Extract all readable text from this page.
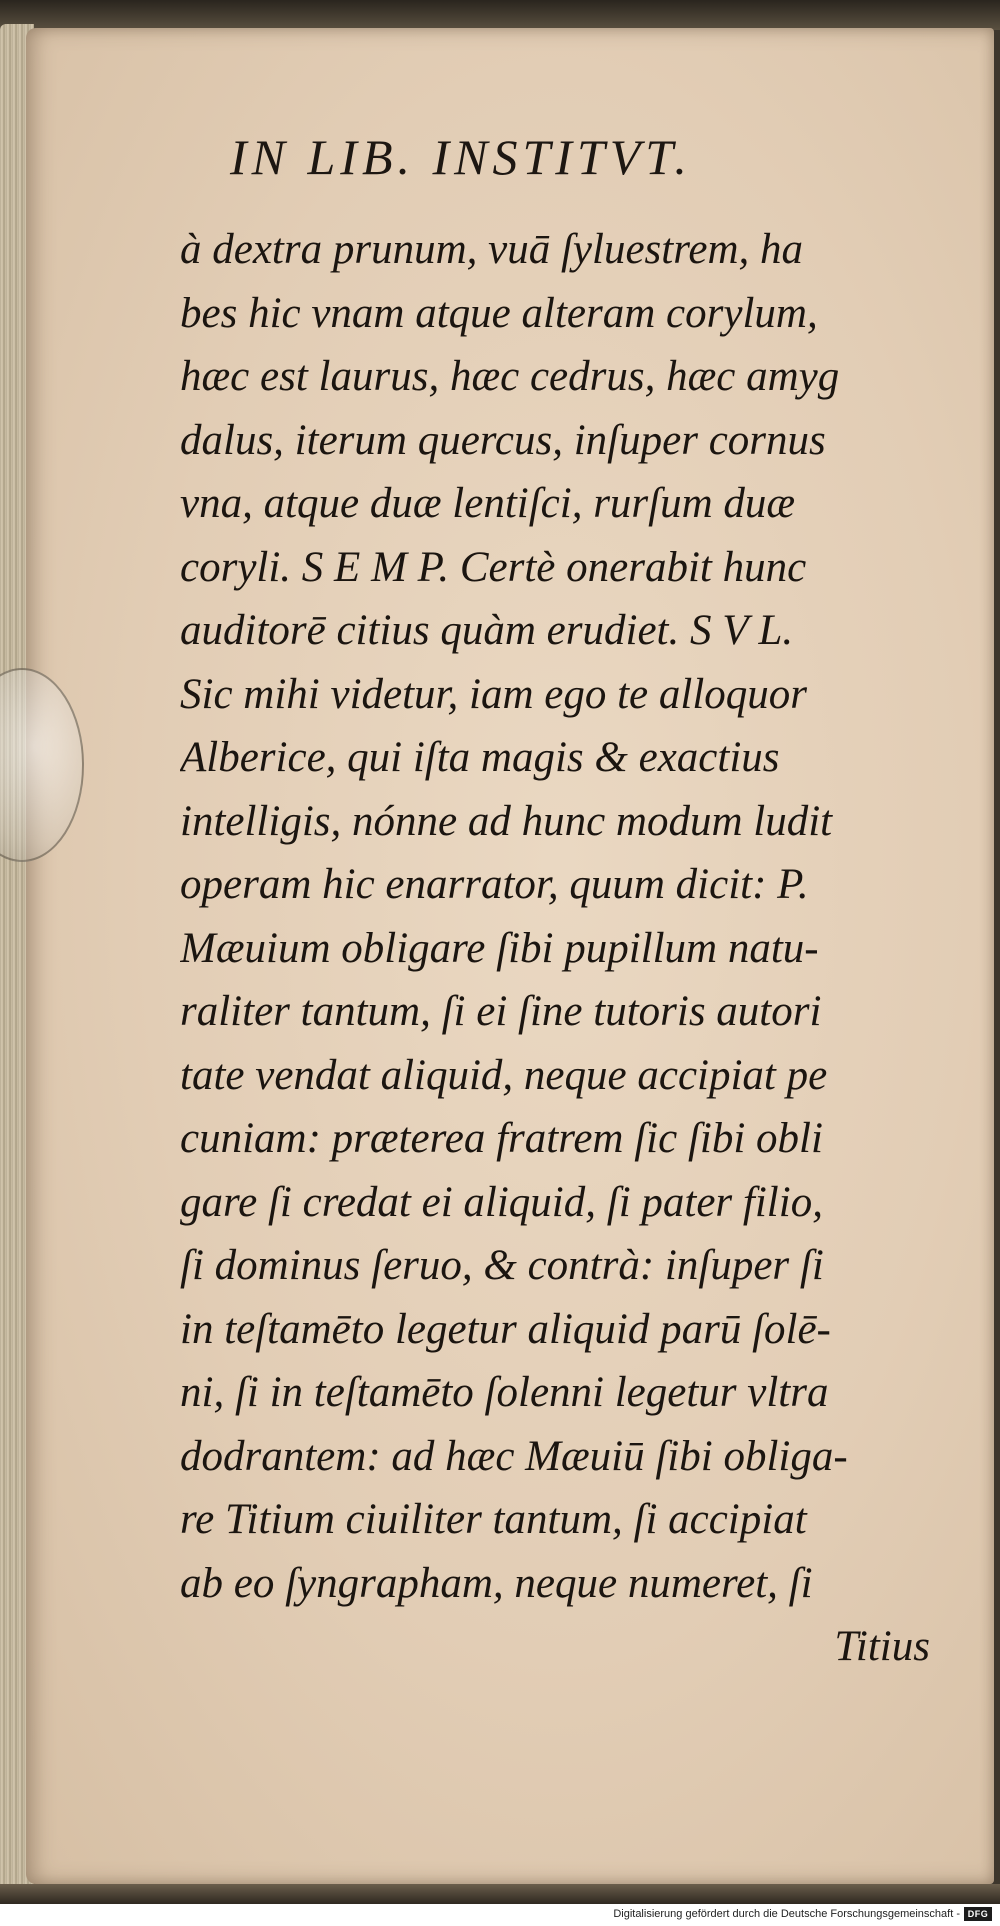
IN LIB. INSTITVT.
à dextra prunum, vuā ſyluestrem, ha
bes hic vnam atque alteram corylum,
hæc est laurus, hæc cedrus, hæc amyg
dalus, iterum quercus, inſuper cornus
vna, atque duæ lentiſci, rurſum duæ
coryli. S E M P. Certè onerabit hunc
auditorē citius quàm erudiet. S V L.
Sic mihi videtur, iam ego te alloquor
Alberice, qui iſta magis & exactius
intelligis, nónne ad hunc modum ludit
operam hic enarrator, quum dicit: P.
Mæuium obligare ſibi pupillum natu-
raliter tantum, ſi ei ſine tutoris autori
tate vendat aliquid, neque accipiat pe
cuniam: præterea fratrem ſic ſibi obli
gare ſi credat ei aliquid, ſi pater filio,
ſi dominus ſeruo, & contrà: inſuper ſi
in teſtamēto legetur aliquid parū ſolē-
ni, ſi in teſtamēto ſolenni legetur vltra
dodrantem: ad hæc Mæuiū ſibi obliga-
re Titium ciuiliter tantum, ſi accipiat
ab eo ſyngrapham, neque numeret, ſi
Titius
Digitalisierung gefördert durch die Deutsche Forschungsgemeinschaft - DFG
